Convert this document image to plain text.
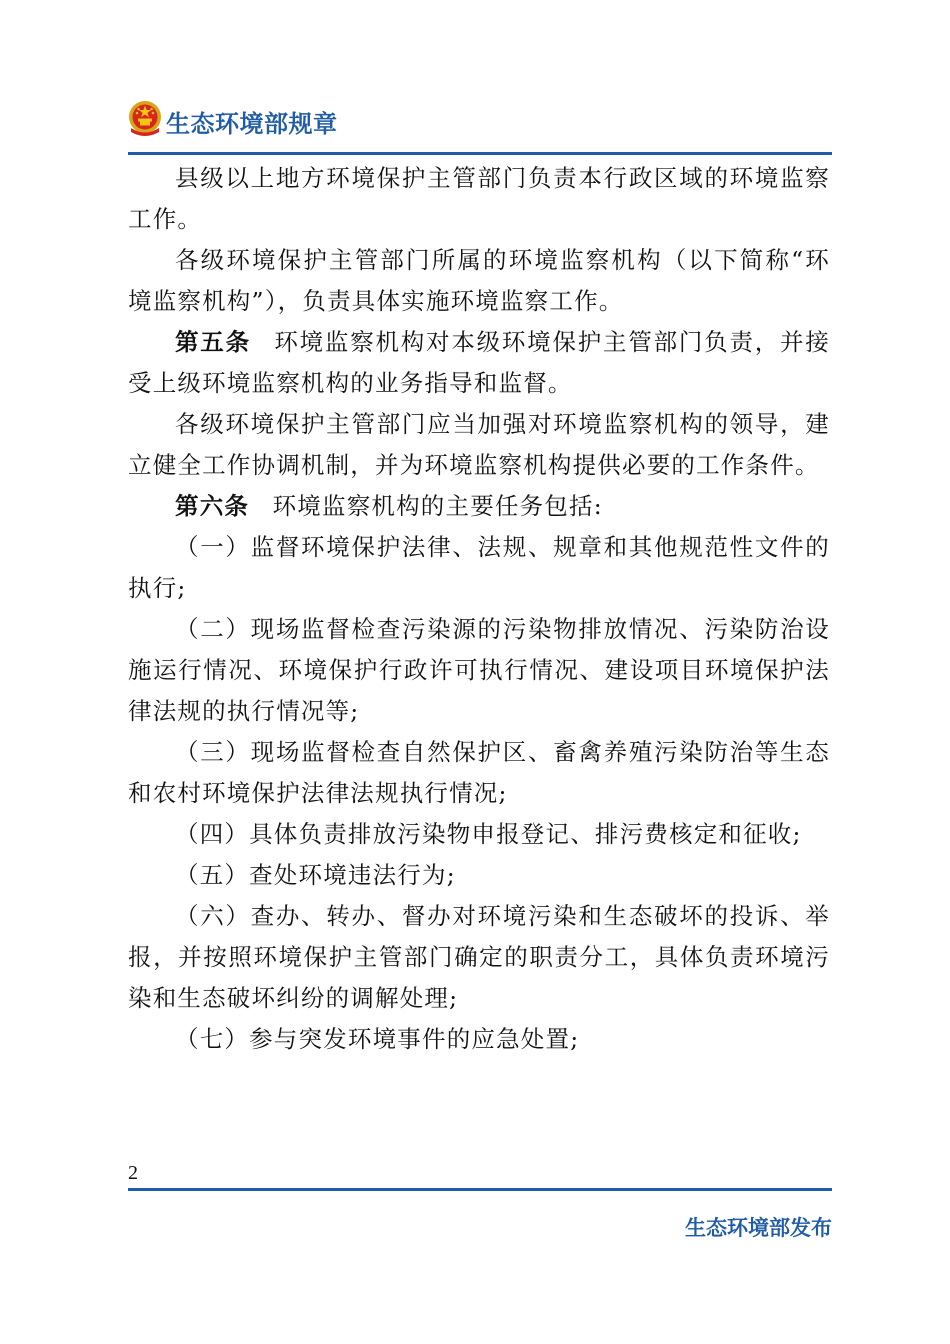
生态环境部规章

县级以上地方环境保护主管部门负责本行政区域的环境监察工作。

各级环境保护主管部门所属的环境监察机构（以下简称“环境监察机构”），负责具体实施环境监察工作。

第五条 环境监察机构对本级环境保护主管部门负责，并接受上级环境监察机构的业务指导和监督。

各级环境保护主管部门应当加强对环境监察机构的领导，建立健全工作协调机制，并为环境监察机构提供必要的工作条件。

第六条 环境监察机构的主要任务包括:

（一）监督环境保护法律、法规、规章和其他规范性文件的执行;

（二）现场监督检查污染源的污染物排放情况、污染防治设施运行情况、环境保护行政许可执行情况、建设项目环境保护法律法规的执行情况等;

（三）现场监督检查自然保护区、畜禽养殖污染防治等生态和农村环境保护法律法规执行情况;

（四）具体负责排放污染物申报登记、排污费核定和征收;

（五）查处环境违法行为;

（六）查办、转办、督办对环境污染和生态破坏的投诉、举报，并按照环境保护主管部门确定的职责分工，具体负责环境污染和生态破坏纠纷的调解处理;

（七）参与突发环境事件的应急处置;

2
生态环境部发布
